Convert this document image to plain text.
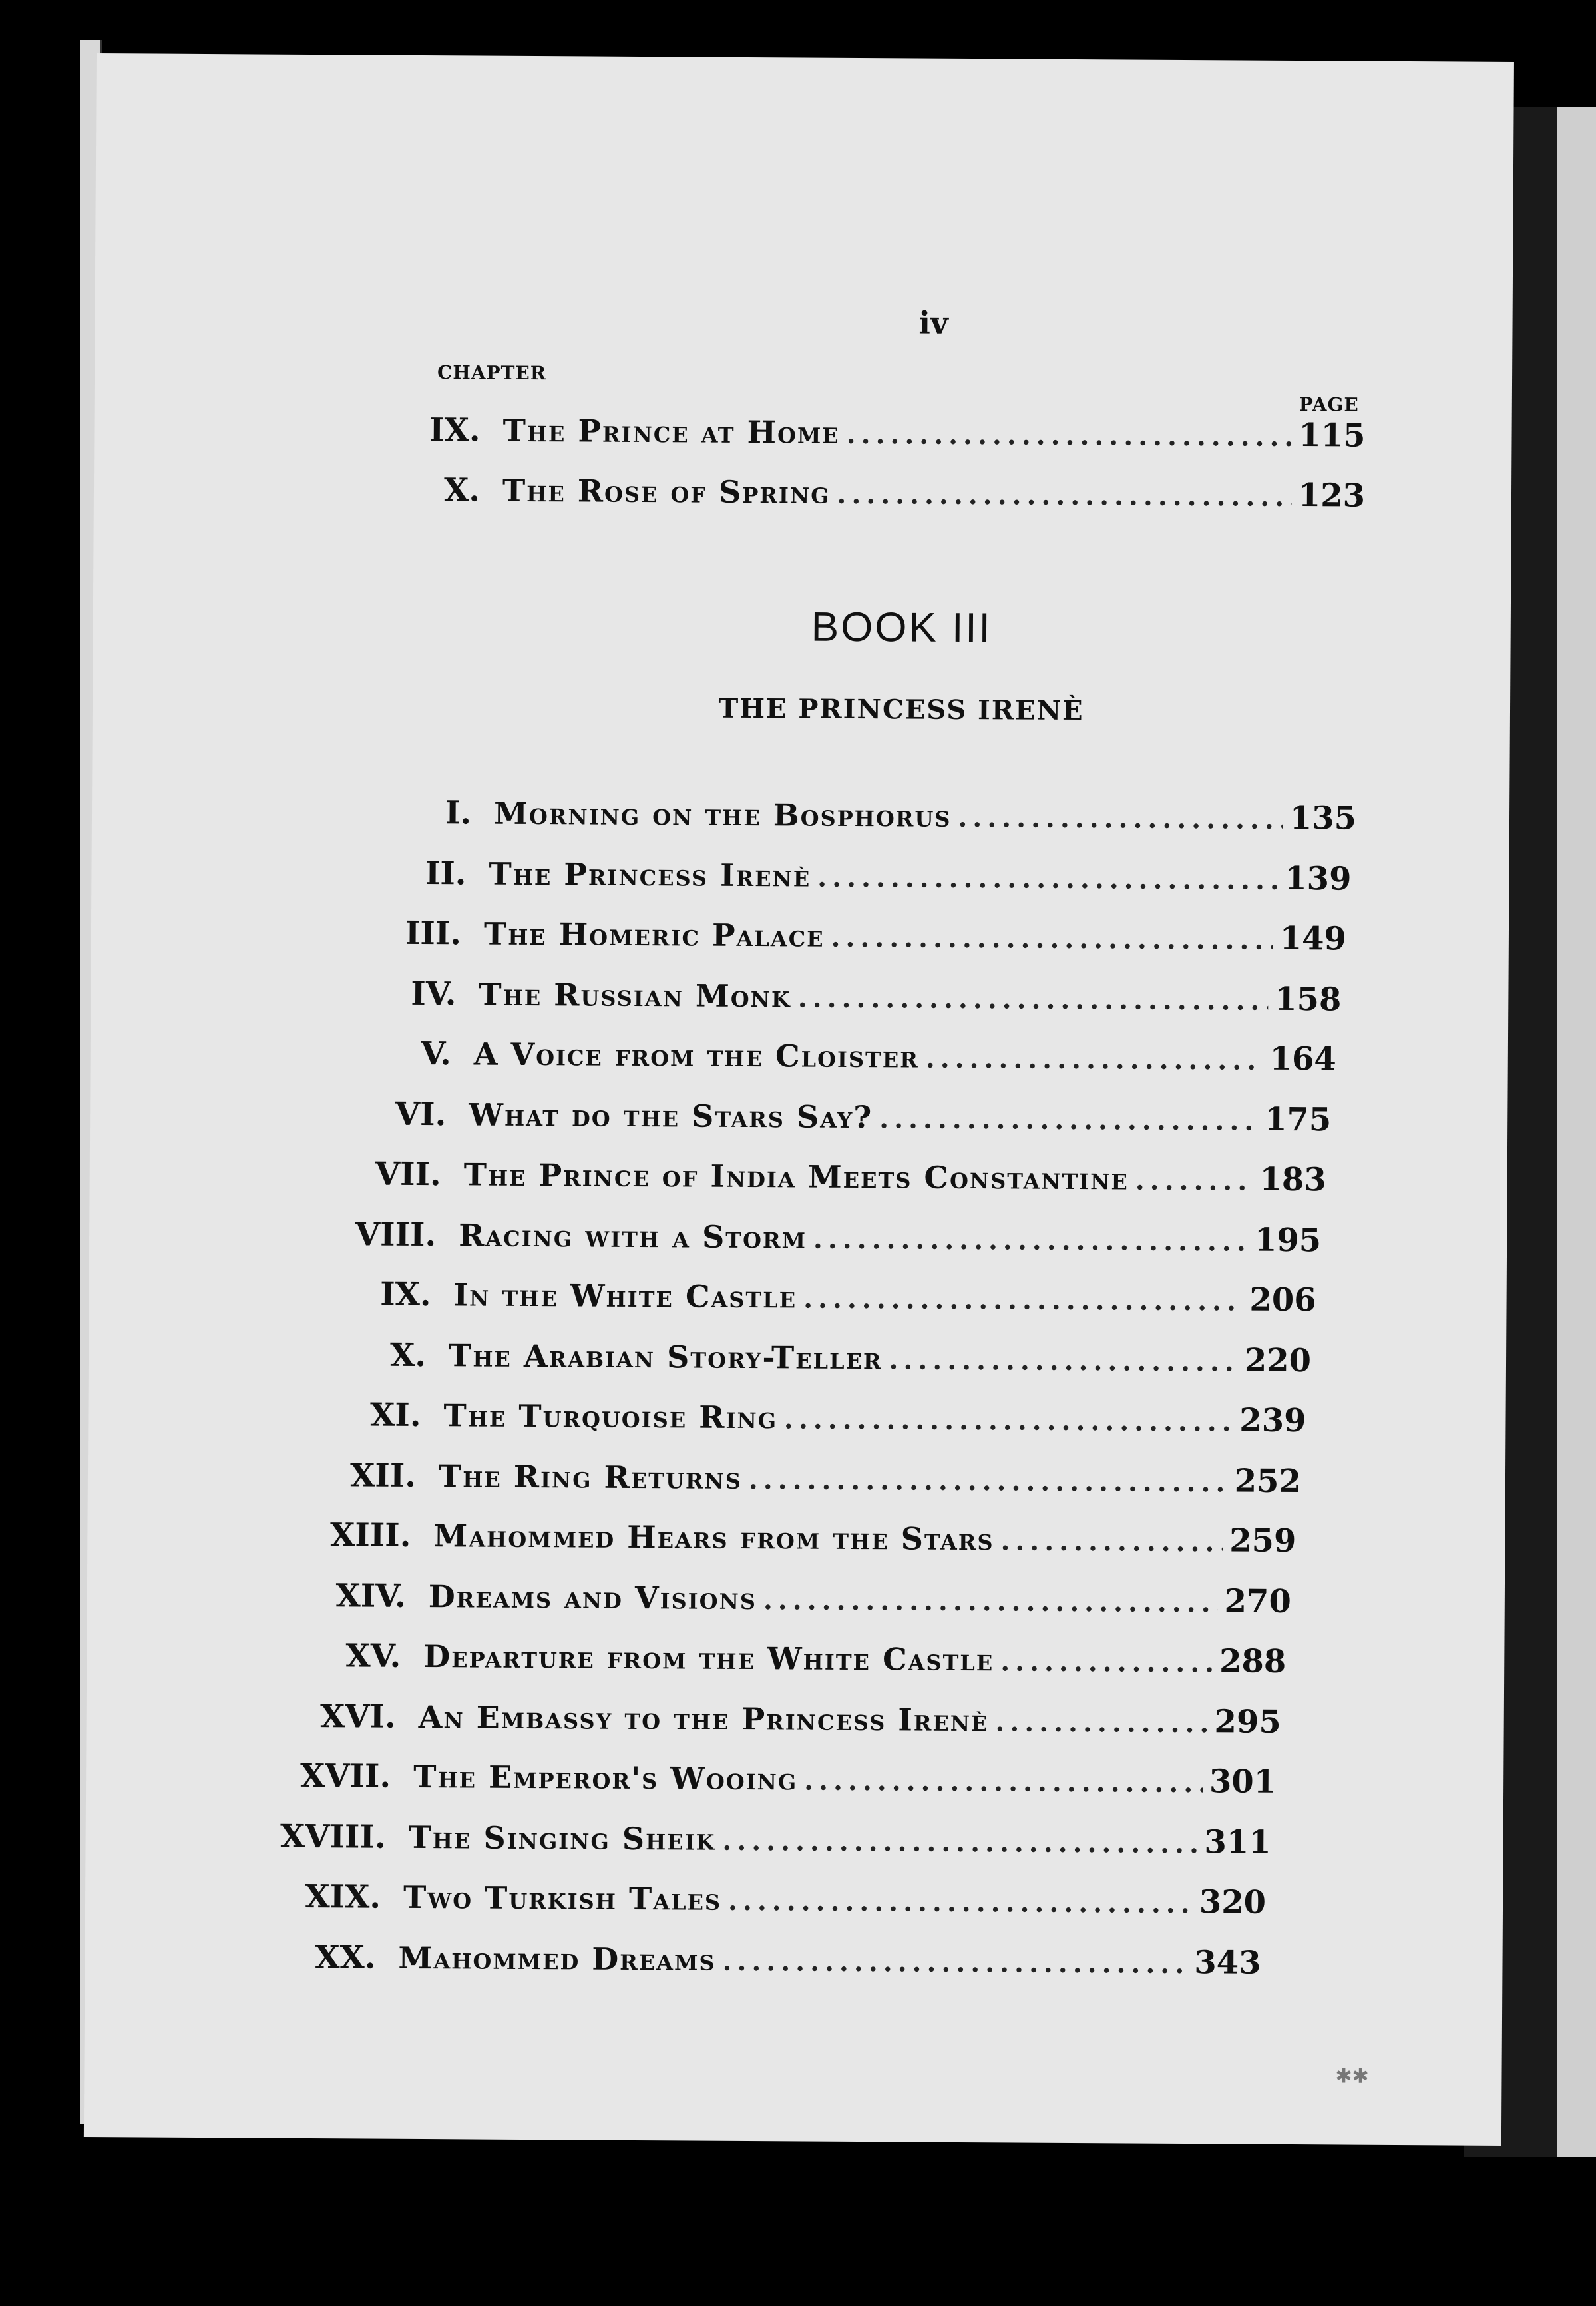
iv
CHAPTER
PAGE
IX. The Prince at Home .....	115
X. The Rose of Spring .....	123
BOOK III
THE PRINCESS IRENÈ
I. Morning on the Bosphorus .....	135
II. The Princess Irenè .....	139
III. The Homeric Palace .....	149
IV. The Russian Monk .....	158
V. A Voice from the Cloister .....	164
VI. What do the Stars Say? .....	175
VII. The Prince of India Meets Constantine .....	183
VIII. Racing with a Storm .....	195
IX. In the White Castle .....	206
X. The Arabian Story-Teller .....	220
XI. The Turquoise Ring .....	239
XII. The Ring Returns .....	252
XIII. Mahommed Hears from the Stars .....	259
XIV. Dreams and Visions .....	270
XV. Departure from the White Castle .....	288
XVI. An Embassy to the Princess Irenè .....	295
XVII. The Emperor's Wooing .....	301
XVIII. The Singing Sheik .....	311
XIX. Two Turkish Tales .....	320
XX. Mahommed Dreams .....	343
✱✱
